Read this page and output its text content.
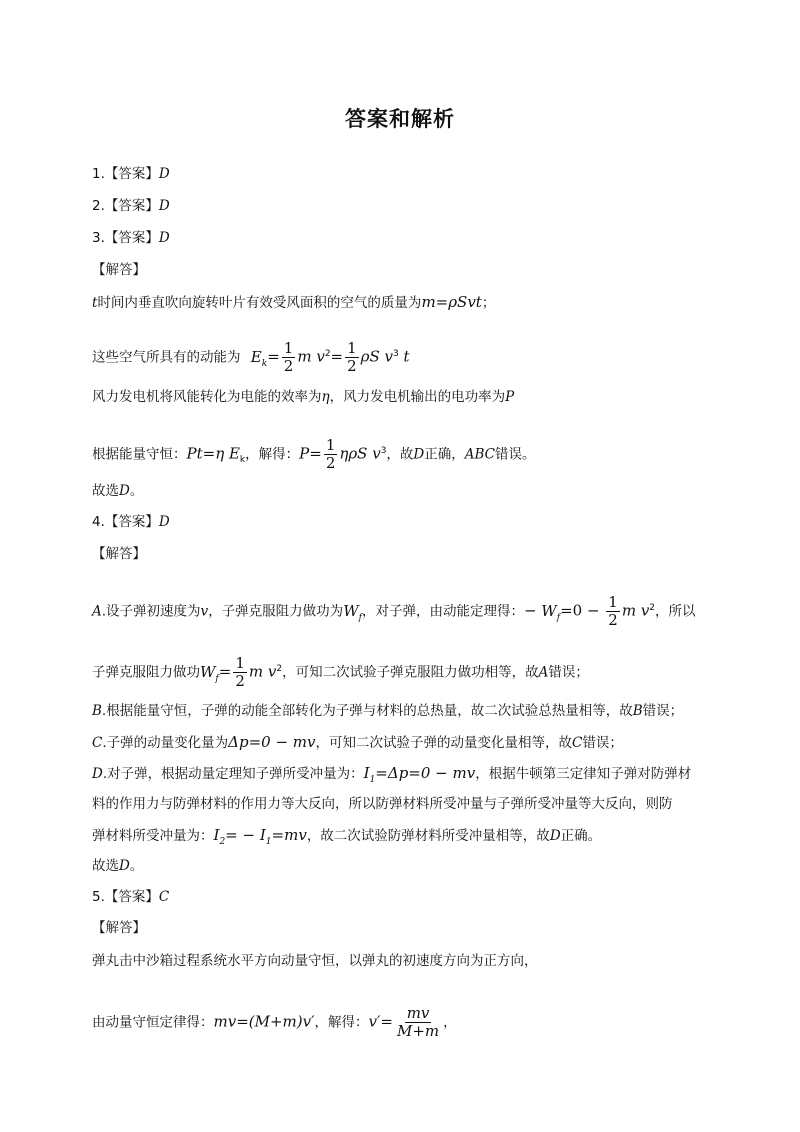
答案和解析
1.【答案】D
2.【答案】D
3.【答案】D
【解答】
t时间内垂直吹向旋转叶片有效受风面积的空气的质量为m=ρSvt；
这些空气所具有的动能为 $E_k= \frac{1}{2}$ m $v^2= \frac{1}{2}$ ρS $v^3$ t
风力发电机将风能转化为电能的效率为η，风力发电机输出的电功率为P
根据能量守恒：Pt=η $E_k$，解得：$P= \frac{1}{2}$ ηρS $v^3$，故D正确，ABC错误。
故选D。
4.【答案】D
【解答】
A.设子弹初速度为v，子弹克服阻力做功为$W_f$，对子弹，由动能定理得：− $W_f=0 - \frac{1}{2}$ m $v^2$，所以
子弹克服阻力做功$W_f= \frac{1}{2}$ m $v^2$，可知二次试验子弹克服阻力做功相等，故A错误；
B.根据能量守恒，子弹的动能全部转化为子弹与材料的总热量，故二次试验总热量相等，故B错误；
C.子弹的动量变化量为Δp=0 − mv，可知二次试验子弹的动量变化量相等，故C错误；
D.对子弹，根据动量定理知子弹所受冲量为：$I_1=\Delta p=0$ − mv，根据牛顿第三定律知子弹对防弹材
料的作用力与防弹材料的作用力等大反向，所以防弹材料所受冲量与子弹所受冲量等大反向，则防
弹材料所受冲量为：$I_2= - I_1=mv$，故二次试验防弹材料所受冲量相等，故D正确。
故选D。
5.【答案】C
【解答】
弹丸击中沙箱过程系统水平方向动量守恒，以弹丸的初速度方向为正方向，
由动量守恒定律得：mv=(M+m)v′，解得：$v'= \frac{mv}{M+m}$ ，
